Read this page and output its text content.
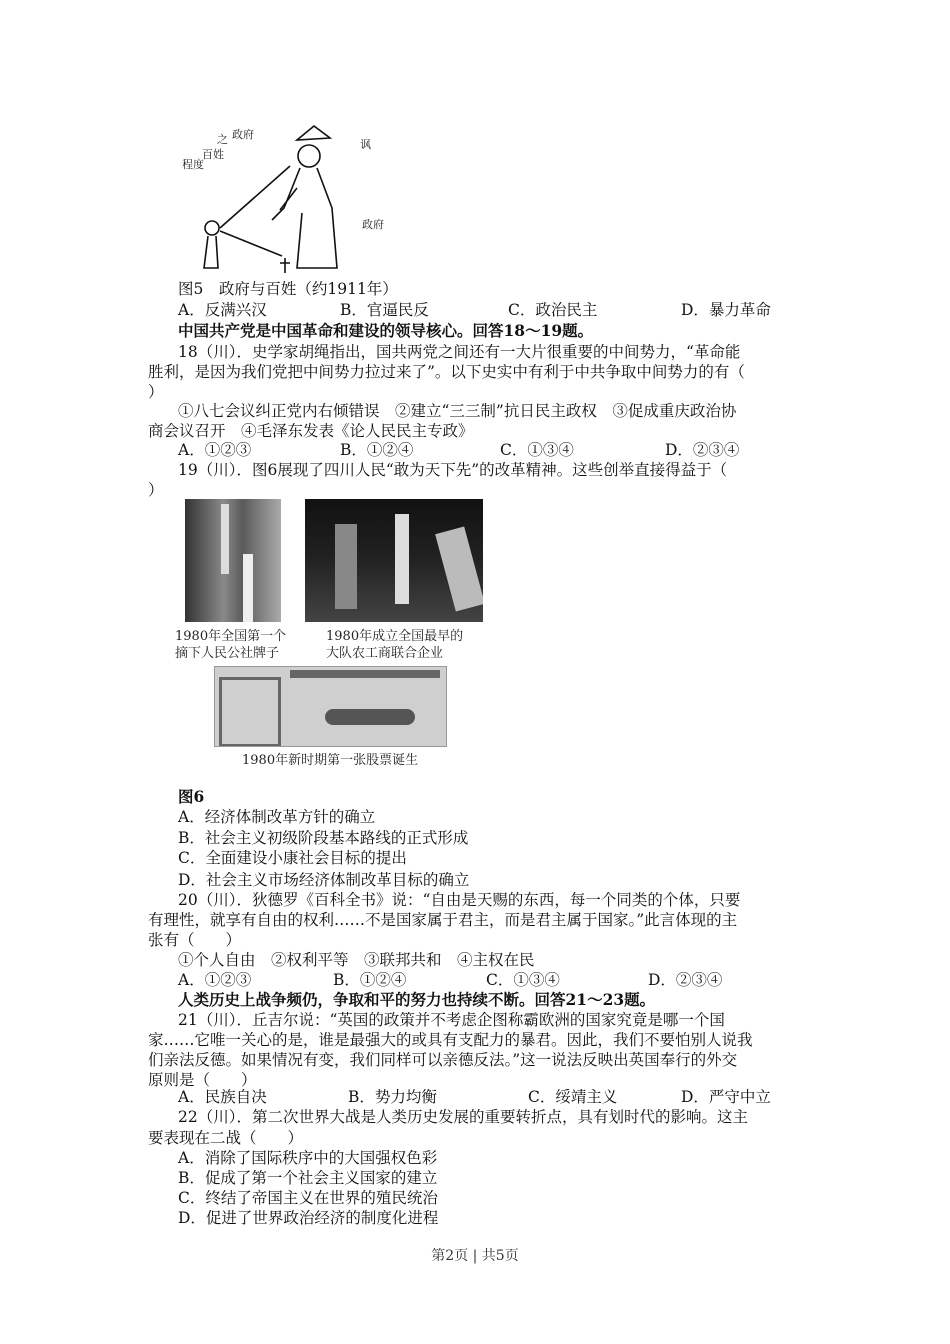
政府
之
百姓
程度
讽
政府
图5　政府与百姓（约1911年）
A．反满兴汉	B．官逼民反	C．政治民主	D．暴力革命
中国共产党是中国革命和建设的领导核心。回答18～19题。
18（川）．史学家胡绳指出，国共两党之间还有一大片很重要的中间势力，“革命能
胜利，是因为我们党把中间势力拉过来了”。以下史实中有利于中共争取中间势力的有（
）
①八七会议纠正党内右倾错误　②建立“三三制”抗日民主政权　③促成重庆政治协
商会议召开　④毛泽东发表《论人民民主专政》
A．①②③	B．①②④	C．①③④	D．②③④
19（川）．图6展现了四川人民“敢为天下先”的改革精神。这些创举直接得益于（
）
1980年全国第一个
摘下人民公社牌子
1980年成立全国最早的
大队农工商联合企业
1980年新时期第一张股票诞生
图6
A．经济体制改革方针的确立
B．社会主义初级阶段基本路线的正式形成
C．全面建设小康社会目标的提出
D．社会主义市场经济体制改革目标的确立
20（川）．狄德罗《百科全书》说：“自由是天赐的东西，每一个同类的个体，只要
有理性，就享有自由的权利……不是国家属于君主，而是君主属于国家。”此言体现的主
张有（　　）
①个人自由　②权利平等　③联邦共和　④主权在民
A．①②③	B．①②④	C．①③④	D．②③④
人类历史上战争频仍，争取和平的努力也持续不断。回答21～23题。
21（川）．丘吉尔说：“英国的政策并不考虑企图称霸欧洲的国家究竟是哪一个国
家……它唯一关心的是，谁是最强大的或具有支配力的暴君。因此，我们不要怕别人说我
们亲法反德。如果情况有变，我们同样可以亲德反法。”这一说法反映出英国奉行的外交
原则是（　　）
A．民族自决	B．势力均衡	C．绥靖主义	D．严守中立
22（川）．第二次世界大战是人类历史发展的重要转折点，具有划时代的影响。这主
要表现在二战（　　）
A．消除了国际秩序中的大国强权色彩
B．促成了第一个社会主义国家的建立
C．终结了帝国主义在世界的殖民统治
D．促进了世界政治经济的制度化进程
第2页 | 共5页
